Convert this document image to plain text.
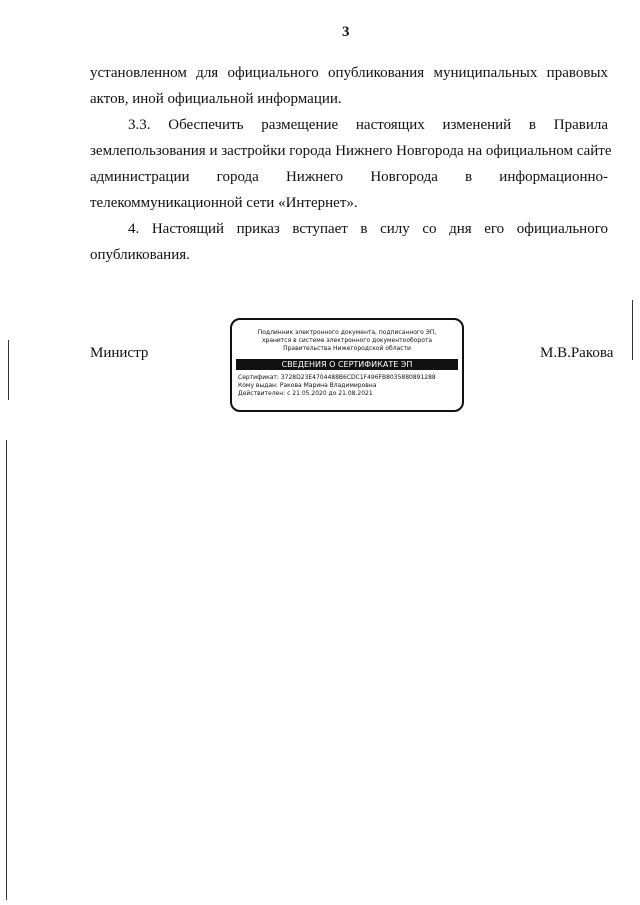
3
установленном для официального опубликования муниципальных правовых
актов, иной официальной информации.
3.3. Обеспечить размещение настоящих изменений в Правила
землепользования и застройки города Нижнего Новгорода на официальном сайте
администрации города Нижнего Новгорода в информационно-
телекоммуникационной сети «Интернет».
4. Настоящий приказ вступает в силу со дня его официального
опубликования.
Министр	М.В.Ракова
Подлинник электронного документа, подписанного ЭП,
хранится в системе электронного документооборота
Правительства Нижегородской области
СВЕДЕНИЯ О СЕРТИФИКАТЕ ЭП
Сертификат: 3728D23E4704488B6CDC1F496FB8035880891288
Кому выдан: Ракова Марина Владимировна
Действителен: с 21.05.2020 до 21.08.2021
